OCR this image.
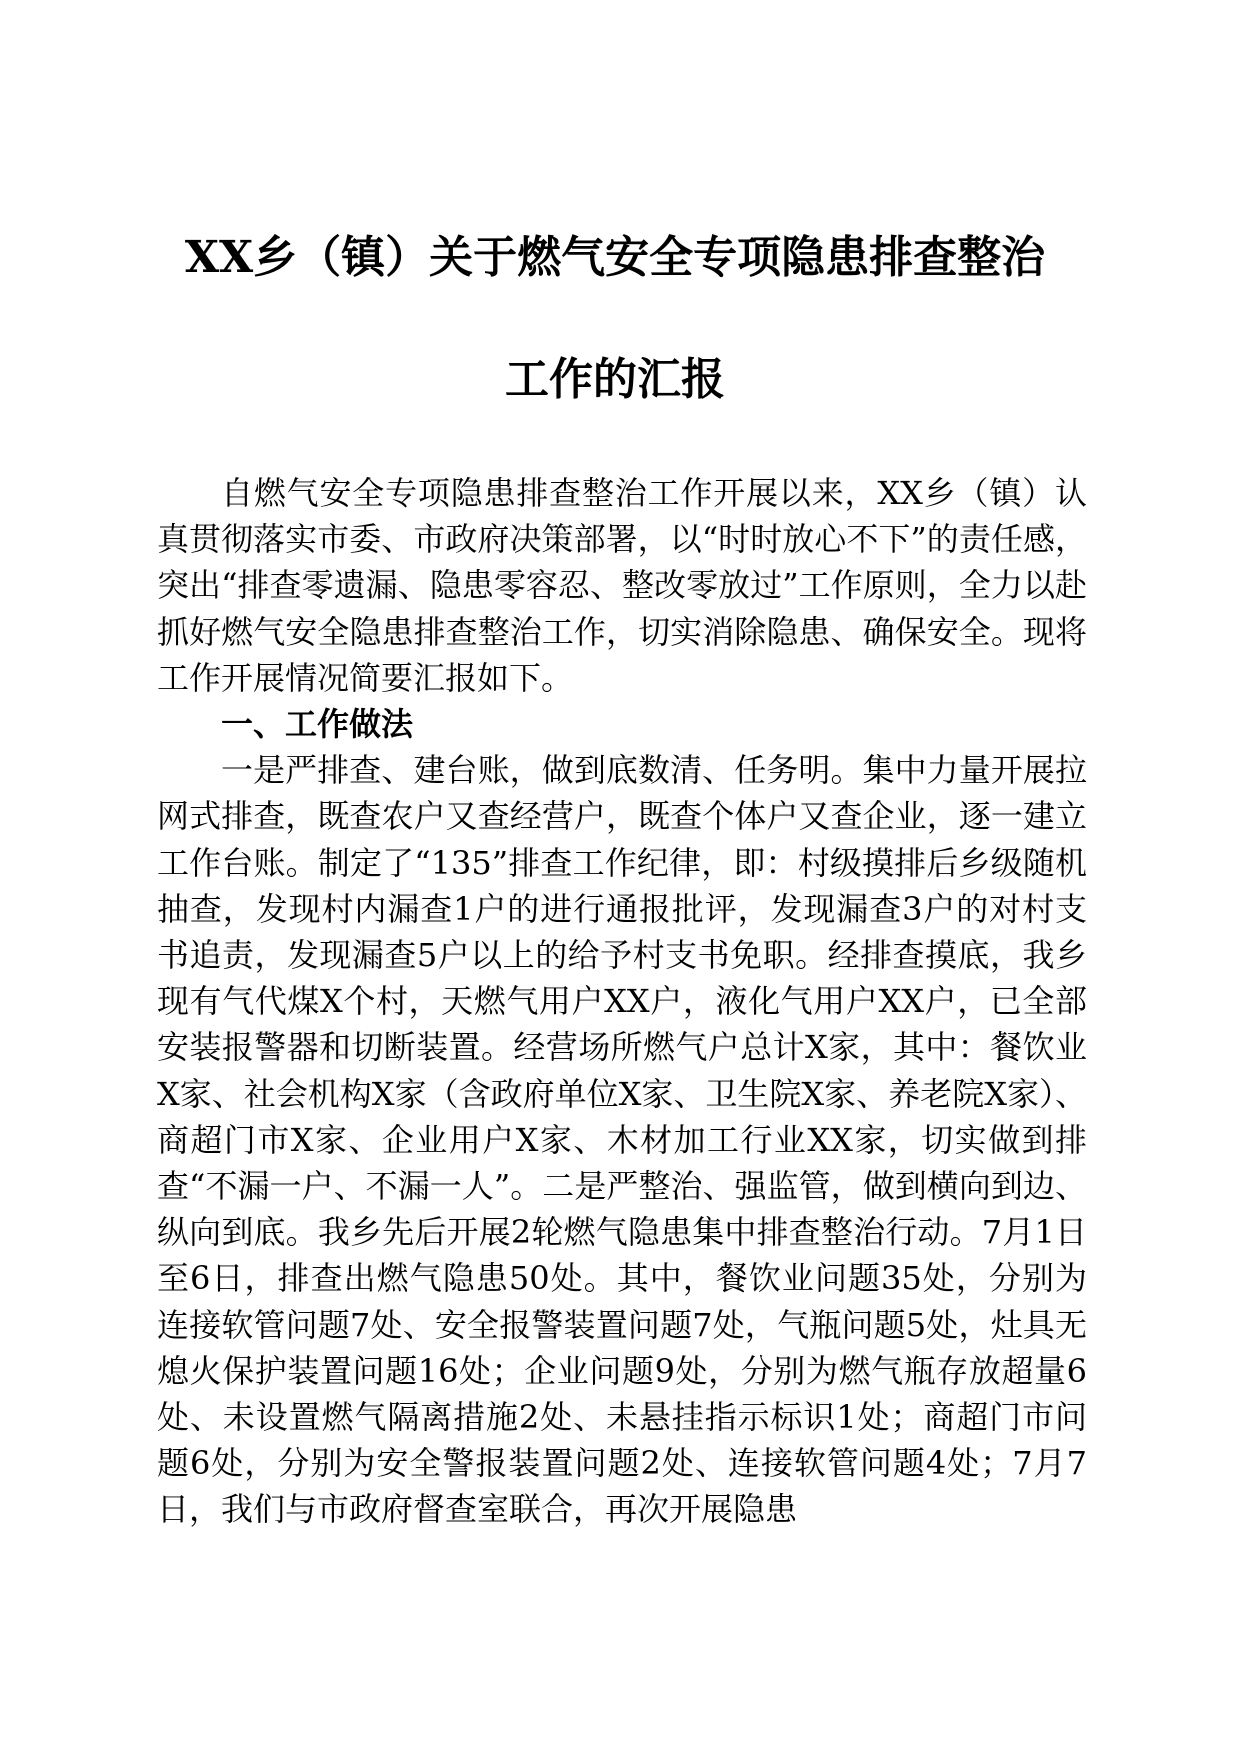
XX乡（镇）关于燃气安全专项隐患排查整治
工作的汇报

自燃气安全专项隐患排查整治工作开展以来，XX乡（镇）认真贯彻落实市委、市政府决策部署，以“时时放心不下”的责任感，突出“排查零遗漏、隐患零容忍、整改零放过”工作原则，全力以赴抓好燃气安全隐患排查整治工作，切实消除隐患、确保安全。现将工作开展情况简要汇报如下。

一、工作做法

一是严排查、建台账，做到底数清、任务明。集中力量开展拉网式排查，既查农户又查经营户，既查个体户又查企业，逐一建立工作台账。制定了“135”排查工作纪律，即：村级摸排后乡级随机抽查，发现村内漏查1户的进行通报批评，发现漏查3户的对村支书追责，发现漏查5户以上的给予村支书免职。经排查摸底，我乡现有气代煤X个村，天燃气用户XX户，液化气用户XX户，已全部安装报警器和切断装置。经营场所燃气户总计X家，其中：餐饮业X家、社会机构X家（含政府单位X家、卫生院X家、养老院X家）、商超门市X家、企业用户X家、木材加工行业XX家，切实做到排查“不漏一户、不漏一人”。二是严整治、强监管，做到横向到边、纵向到底。我乡先后开展2轮燃气隐患集中排查整治行动。7月1日至6日，排查出燃气隐患50处。其中，餐饮业问题35处，分别为连接软管问题7处、安全报警装置问题7处，气瓶问题5处，灶具无熄火保护装置问题16处；企业问题9处，分别为燃气瓶存放超量6处、未设置燃气隔离措施2处、未悬挂指示标识1处；商超门市问题6处，分别为安全警报装置问题2处、连接软管问题4处；7月7日，我们与市政府督查室联合，再次开展隐患
